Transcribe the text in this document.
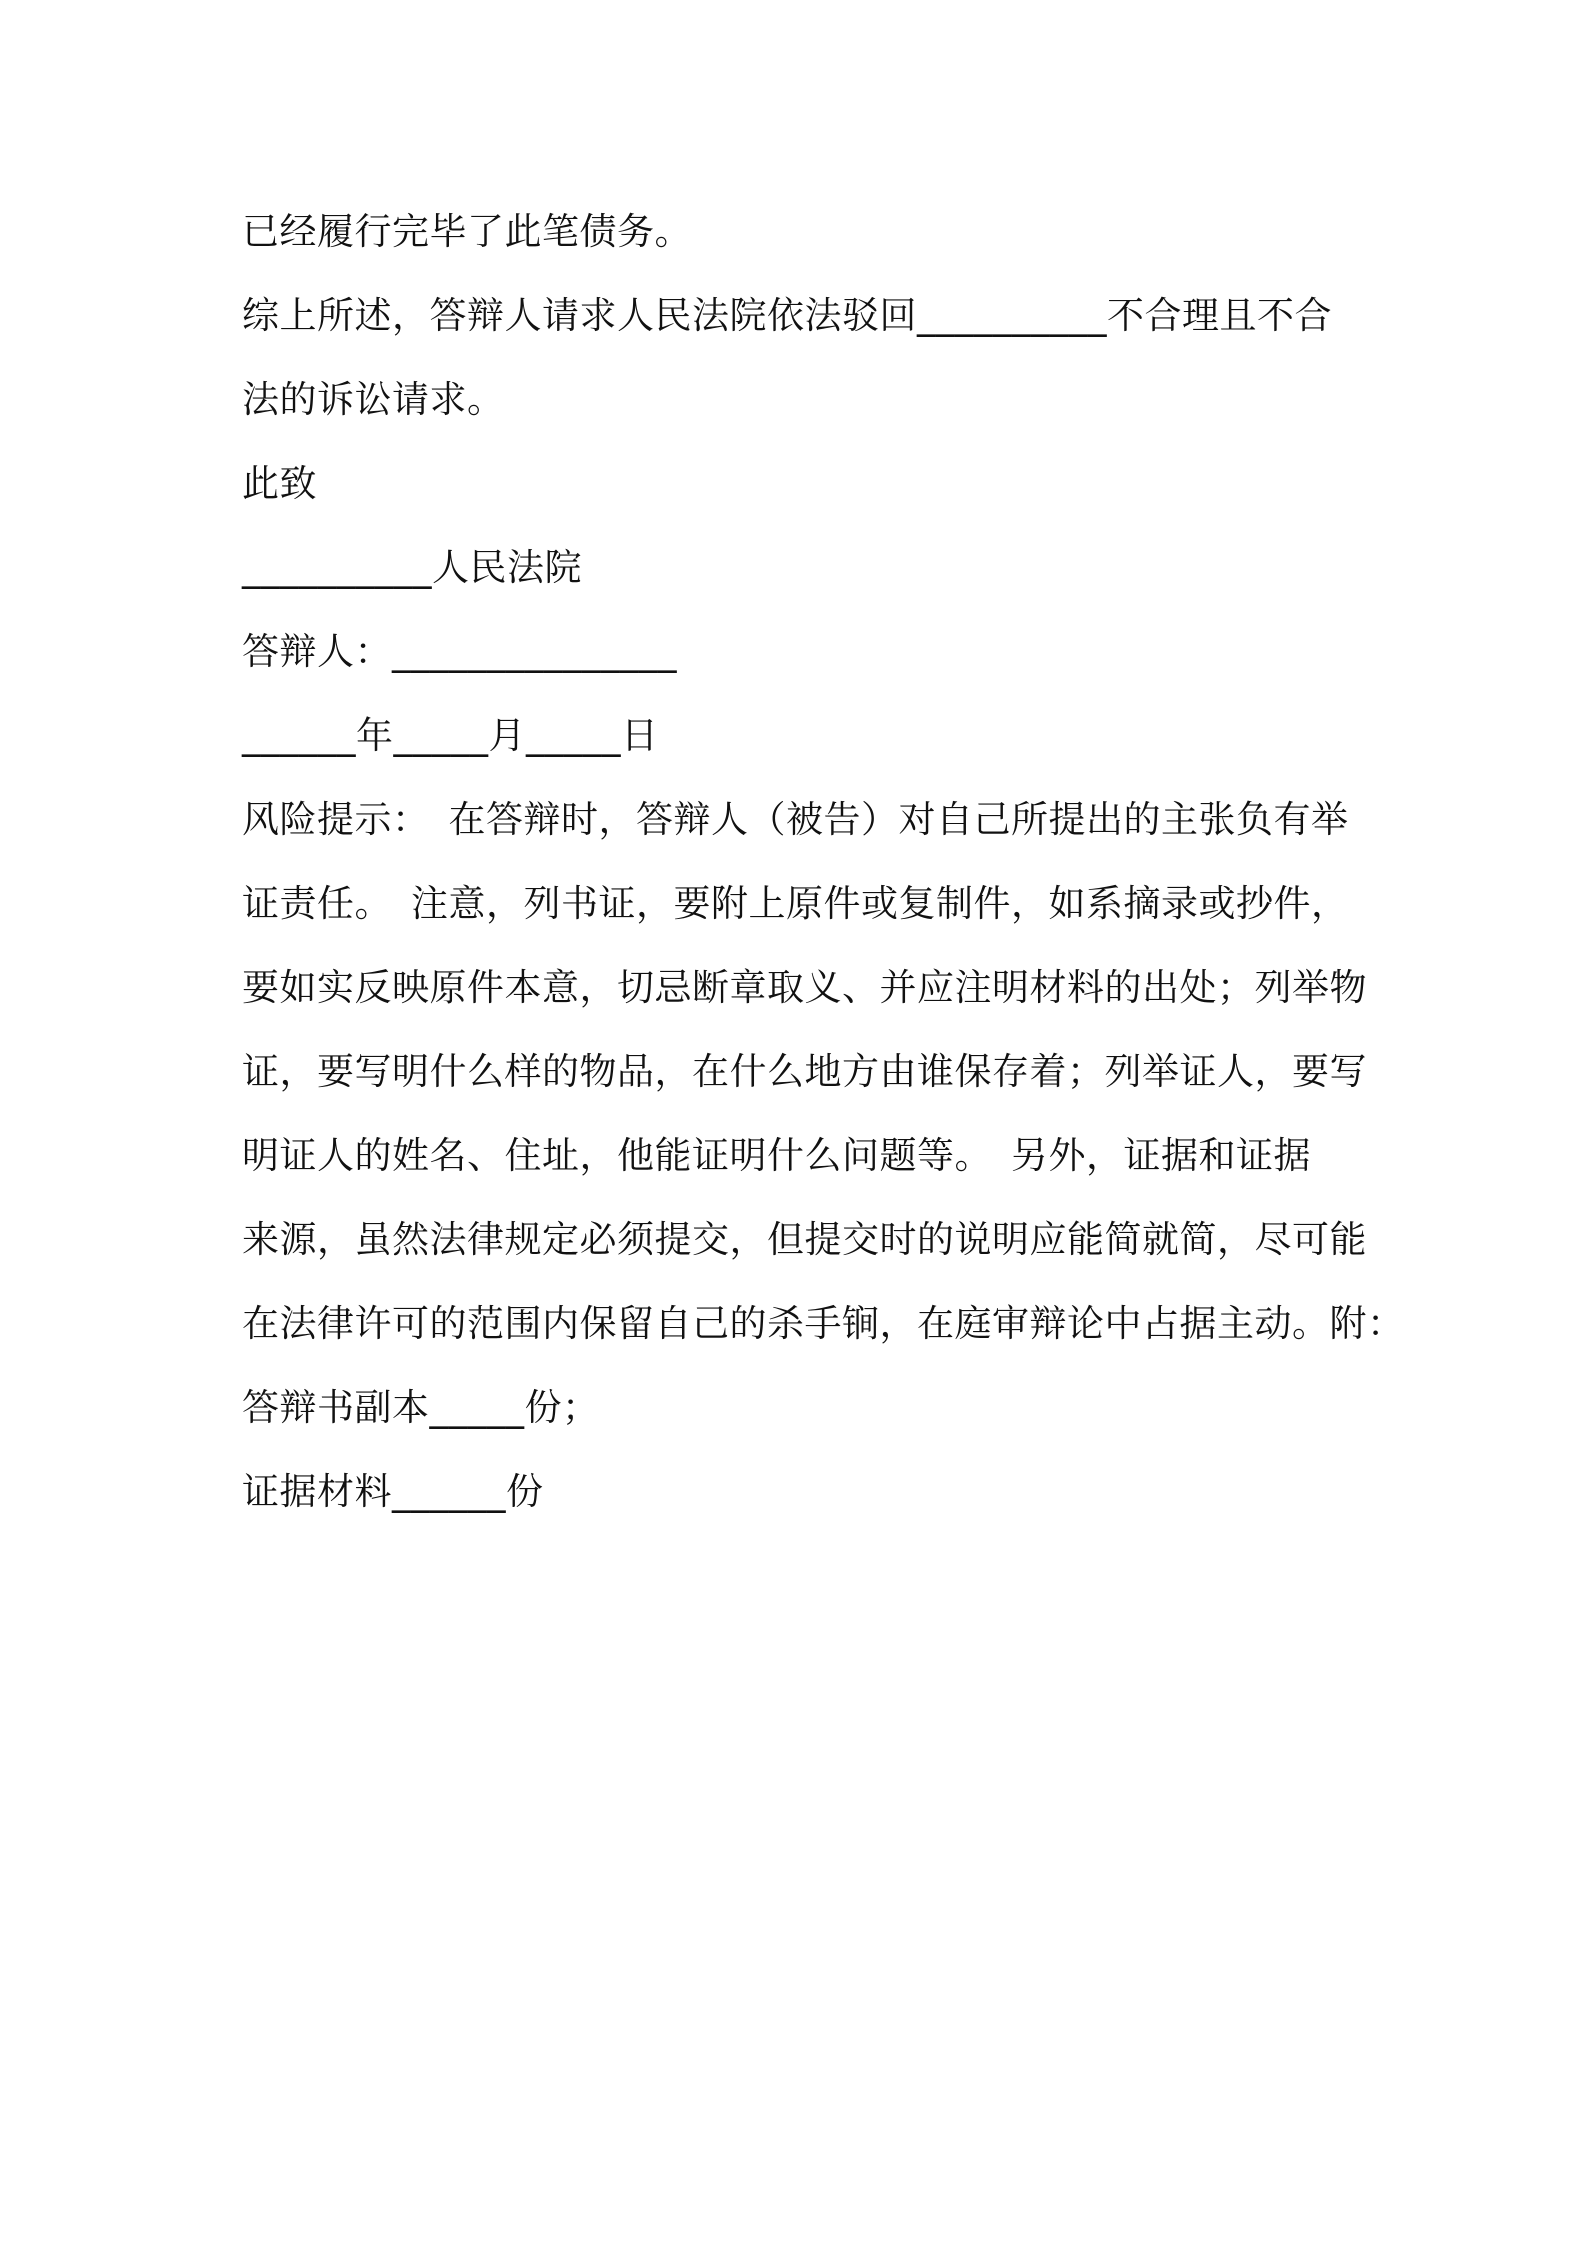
已经履行完毕了此笔债务。
综上所述，答辩人请求人民法院依法驳回__________不合理且不合
法的诉讼请求。
此致
__________人民法院
答辩人：_______________
______年_____月_____日
风险提示：　在答辩时，答辩人（被告）对自己所提出的主张负有举
证责任。　注意，列书证，要附上原件或复制件，如系摘录或抄件，
要如实反映原件本意，切忌断章取义、并应注明材料的出处；列举物
证，要写明什么样的物品，在什么地方由谁保存着；列举证人，要写
明证人的姓名、住址，他能证明什么问题等。　另外，证据和证据
来源，虽然法律规定必须提交，但提交时的说明应能简就简，尽可能
在法律许可的范围内保留自己的杀手锏，在庭审辩论中占据主动。附：
答辩书副本_____份；
证据材料______份
